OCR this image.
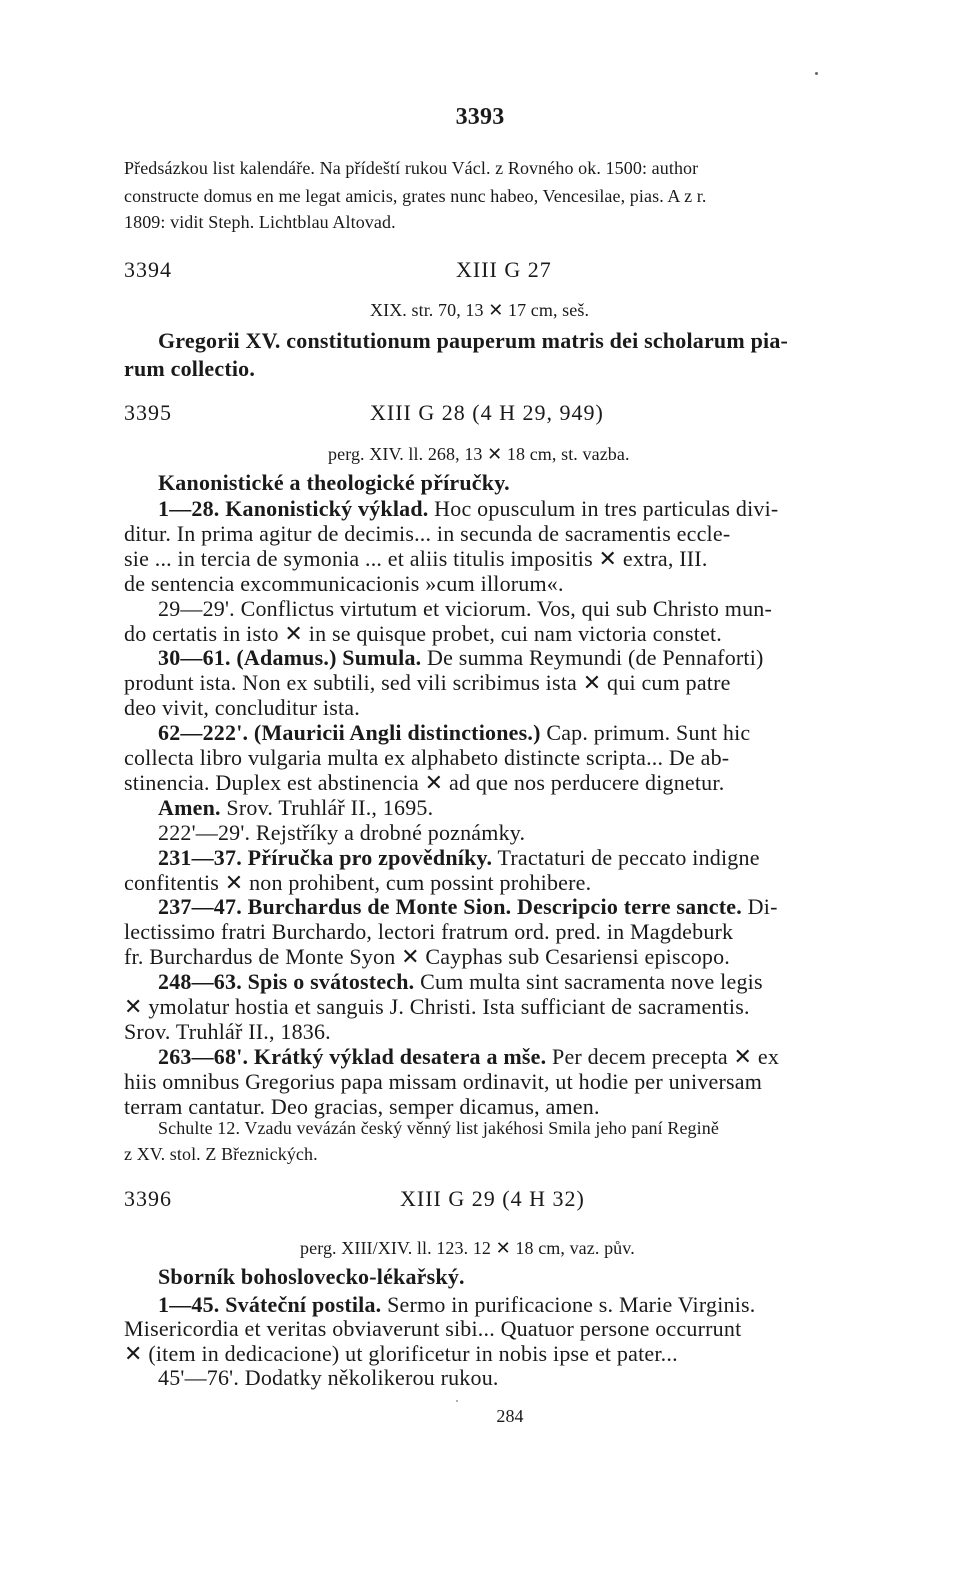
3393
Předsázkou list kalendáře. Na přídeští rukou Václ. z Rovného ok. 1500: author
constructe domus en me legat amicis, grates nunc habeo, Vencesilae, pias. A z r.
1809: vidit Steph. Lichtblau Altovad.
3394	XIII G 27
XIX. str. 70, 13 ✕ 17 cm, seš.
Gregorii XV. constitutionum pauperum matris dei scholarum pia-
rum collectio.
3395	XIII G 28 (4 H 29, 949)
perg. XIV. ll. 268, 13 ✕ 18 cm, st. vazba.
Kanonistické a theologické příručky.
1—28. Kanonistický výklad. Hoc opusculum in tres particulas divi-
ditur. In prima agitur de decimis... in secunda de sacramentis eccle-
sie ... in tercia de symonia ... et aliis titulis impositis ✕ extra, III.
de sentencia excommunicacionis »cum illorum«.
29—29'. Conflictus virtutum et viciorum. Vos, qui sub Christo mun-
do certatis in isto ✕ in se quisque probet, cui nam victoria constet.
30—61. (Adamus.) Sumula. De summa Reymundi (de Pennaforti)
produnt ista. Non ex subtili, sed vili scribimus ista ✕ qui cum patre
deo vivit, concluditur ista.
62—222'. (Mauricii Angli distinctiones.) Cap. primum. Sunt hic
collecta libro vulgaria multa ex alphabeto distincte scripta... De ab-
stinencia. Duplex est abstinencia ✕ ad que nos perducere dignetur.
Amen. Srov. Truhlář II., 1695.
222'—29'. Rejstříky a drobné poznámky.
231—37. Příručka pro zpovědníky. Tractaturi de peccato indigne
confitentis ✕ non prohibent, cum possint prohibere.
237—47. Burchardus de Monte Sion. Descripcio terre sancte. Di-
lectissimo fratri Burchardo, lectori fratrum ord. pred. in Magdeburk
fr. Burchardus de Monte Syon ✕ Cayphas sub Cesariensi episcopo.
248—63. Spis o svátostech. Cum multa sint sacramenta nove legis
✕ ymolatur hostia et sanguis J. Christi. Ista sufficiant de sacramentis.
Srov. Truhlář II., 1836.
263—68'. Krátký výklad desatera a mše. Per decem precepta ✕ ex
hiis omnibus Gregorius papa missam ordinavit, ut hodie per universam
terram cantatur. Deo gracias, semper dicamus, amen.
Schulte 12. Vzadu vevázán český věnný list jakéhosi Smila jeho paní Regině
z XV. stol. Z Březnických.
3396	XIII G 29 (4 H 32)
perg. XIII/XIV. ll. 123. 12 ✕ 18 cm, vaz. pův.
Sborník bohoslovecko-lékařský.
1—45. Sváteční postila. Sermo in purificacione s. Marie Virginis.
Misericordia et veritas obviaverunt sibi... Quatuor persone occurrunt
✕ (item in dedicacione) ut glorificetur in nobis ipse et pater...
45'—76'. Dodatky několikerou rukou.
284
